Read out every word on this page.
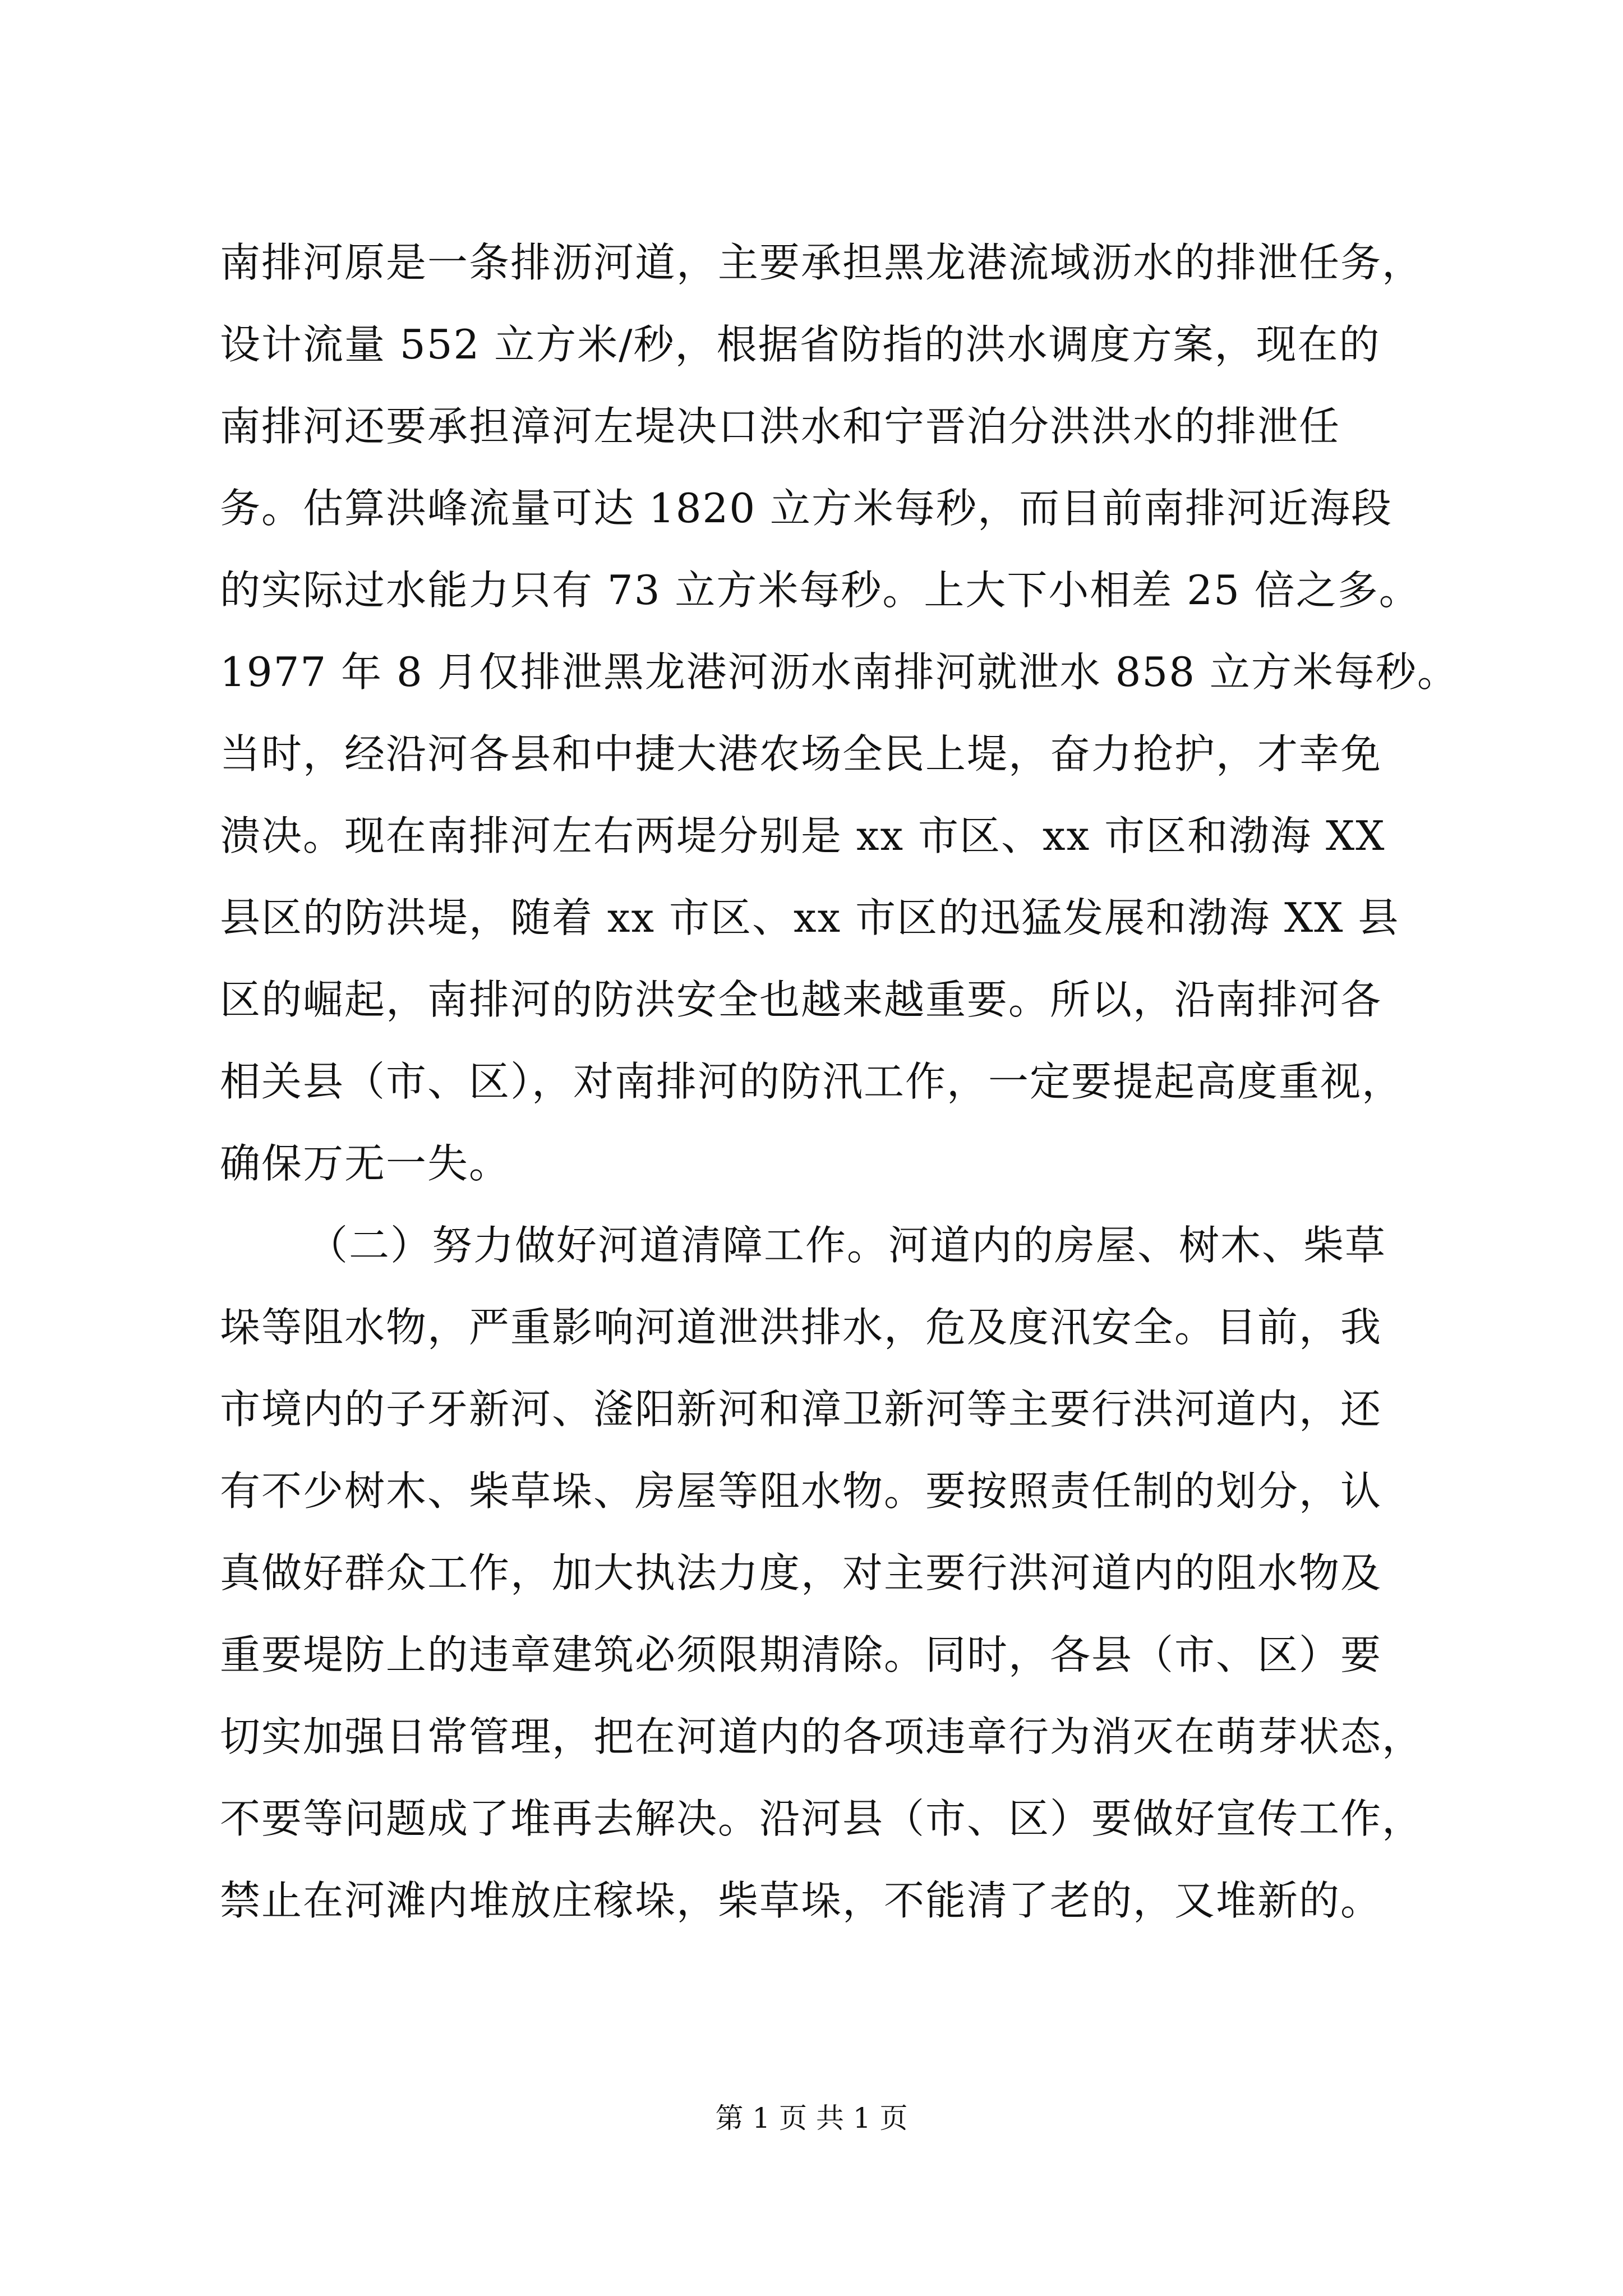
南排河原是一条排沥河道，主要承担黑龙港流域沥水的排泄任务，
设计流量 552 立方米/秒，根据省防指的洪水调度方案，现在的
南排河还要承担漳河左堤决口洪水和宁晋泊分洪洪水的排泄任
务。估算洪峰流量可达 1820 立方米每秒，而目前南排河近海段
的实际过水能力只有 73 立方米每秒。上大下小相差 25 倍之多。
1977 年 8 月仅排泄黑龙港河沥水南排河就泄水 858 立方米每秒。
当时，经沿河各县和中捷大港农场全民上堤，奋力抢护，才幸免
溃决。现在南排河左右两堤分别是 xx 市区、xx 市区和渤海 XX
县区的防洪堤，随着 xx 市区、xx 市区的迅猛发展和渤海 XX 县
区的崛起，南排河的防洪安全也越来越重要。所以，沿南排河各
相关县（市、区），对南排河的防汛工作，一定要提起高度重视，
确保万无一失。
（二）努力做好河道清障工作。河道内的房屋、树木、柴草
垛等阻水物，严重影响河道泄洪排水，危及度汛安全。目前，我
市境内的子牙新河、滏阳新河和漳卫新河等主要行洪河道内，还
有不少树木、柴草垛、房屋等阻水物。要按照责任制的划分，认
真做好群众工作，加大执法力度，对主要行洪河道内的阻水物及
重要堤防上的违章建筑必须限期清除。同时，各县（市、区）要
切实加强日常管理，把在河道内的各项违章行为消灭在萌芽状态，
不要等问题成了堆再去解决。沿河县（市、区）要做好宣传工作，
禁止在河滩内堆放庄稼垛，柴草垛，不能清了老的，又堆新的。
第 1 页 共 1 页
